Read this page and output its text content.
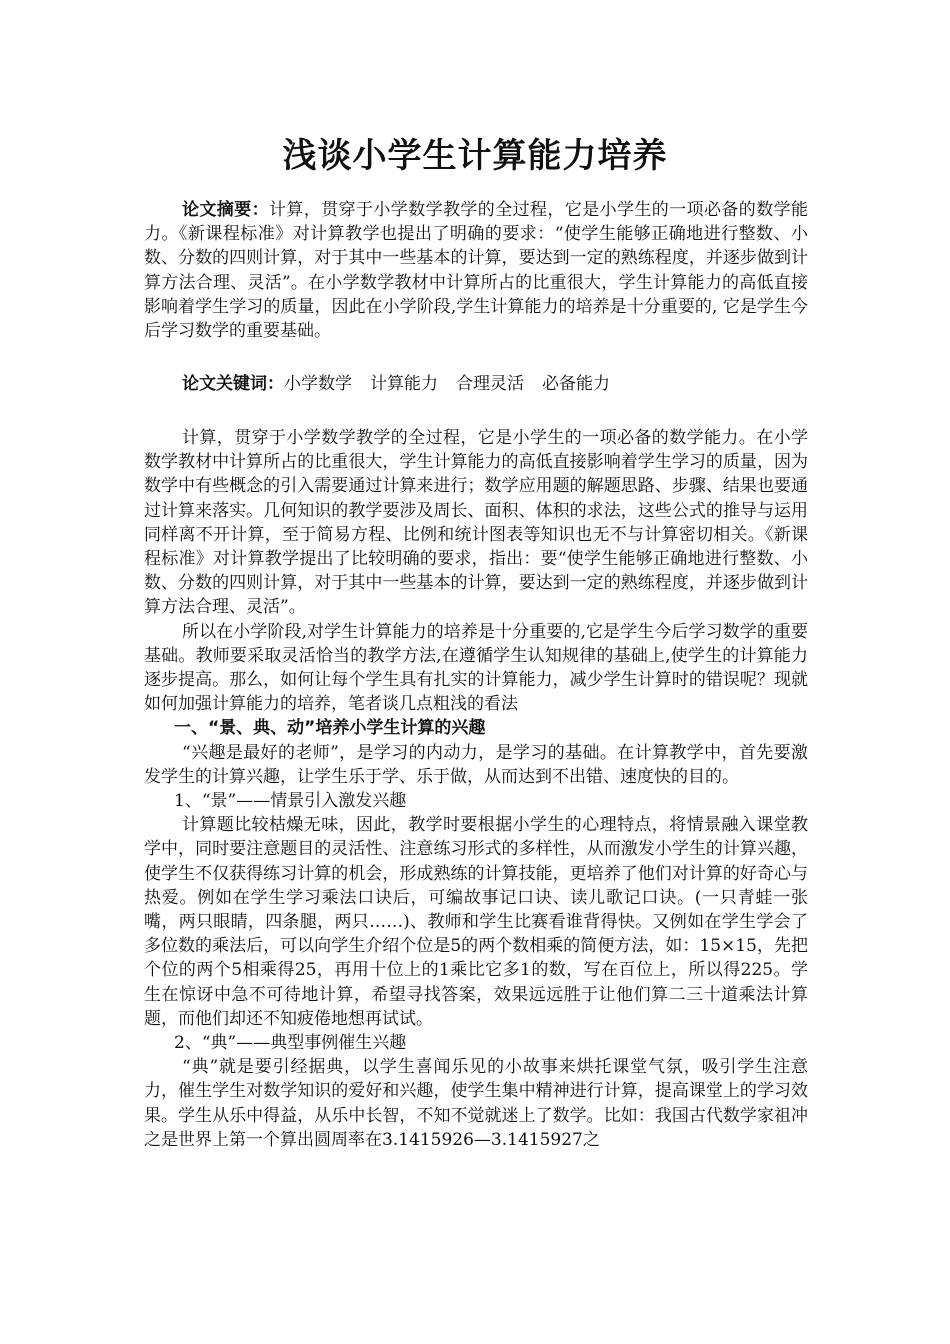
浅谈小学生计算能力培养

论文摘要：计算，贯穿于小学数学教学的全过程，它是小学生的一项必备的数学能力。《新课程标准》对计算教学也提出了明确的要求：“使学生能够正确地进行整数、小数、分数的四则计算，对于其中一些基本的计算，要达到一定的熟练程度，并逐步做到计算方法合理、灵活”。在小学数学教材中计算所占的比重很大，学生计算能力的高低直接影响着学生学习的质量，因此在小学阶段,学生计算能力的培养是十分重要的, 它是学生今后学习数学的重要基础。

论文关键词：小学数学 计算能力 合理灵活 必备能力

计算，贯穿于小学数学教学的全过程，它是小学生的一项必备的数学能力。在小学数学教材中计算所占的比重很大，学生计算能力的高低直接影响着学生学习的质量，因为数学中有些概念的引入需要通过计算来进行；数学应用题的解题思路、步骤、结果也要通过计算来落实。几何知识的教学要涉及周长、面积、体积的求法，这些公式的推导与运用同样离不开计算，至于简易方程、比例和统计图表等知识也无不与计算密切相关。《新课程标准》对计算教学提出了比较明确的要求，指出：要“使学生能够正确地进行整数、小数、分数的四则计算，对于其中一些基本的计算，要达到一定的熟练程度，并逐步做到计算方法合理、灵活”。

所以在小学阶段,对学生计算能力的培养是十分重要的,它是学生今后学习数学的重要基础。教师要采取灵活恰当的教学方法,在遵循学生认知规律的基础上,使学生的计算能力逐步提高。那么，如何让每个学生具有扎实的计算能力，减少学生计算时的错误呢？现就如何加强计算能力的培养，笔者谈几点粗浅的看法

一、“景、典、动”培养小学生计算的兴趣

“兴趣是最好的老师”，是学习的内动力，是学习的基础。在计算教学中，首先要激发学生的计算兴趣，让学生乐于学、乐于做，从而达到不出错、速度快的目的。

1、“景”——情景引入激发兴趣

计算题比较枯燥无味，因此，教学时要根据小学生的心理特点，将情景融入课堂教学中，同时要注意题目的灵活性、注意练习形式的多样性，从而激发小学生的计算兴趣，使学生不仅获得练习计算的机会，形成熟练的计算技能，更培养了他们对计算的好奇心与热爱。例如在学生学习乘法口诀后，可编故事记口诀、读儿歌记口诀。(一只青蛙一张嘴，两只眼睛，四条腿，两只……)、教师和学生比赛看谁背得快。又例如在学生学会了多位数的乘法后，可以向学生介绍个位是5的两个数相乘的简便方法，如：15×15，先把个位的两个5相乘得25，再用十位上的1乘比它多1的数，写在百位上，所以得225。学生在惊讶中急不可待地计算，希望寻找答案，效果远远胜于让他们算二三十道乘法计算题，而他们却还不知疲倦地想再试试。

2、“典”——典型事例催生兴趣

“典”就是要引经据典，以学生喜闻乐见的小故事来烘托课堂气氛，吸引学生注意力，催生学生对数学知识的爱好和兴趣，使学生集中精神进行计算，提高课堂上的学习效果。学生从乐中得益，从乐中长智，不知不觉就迷上了数学。比如：我国古代数学家祖冲之是世界上第一个算出圆周率在3.1415926—3.1415927之
